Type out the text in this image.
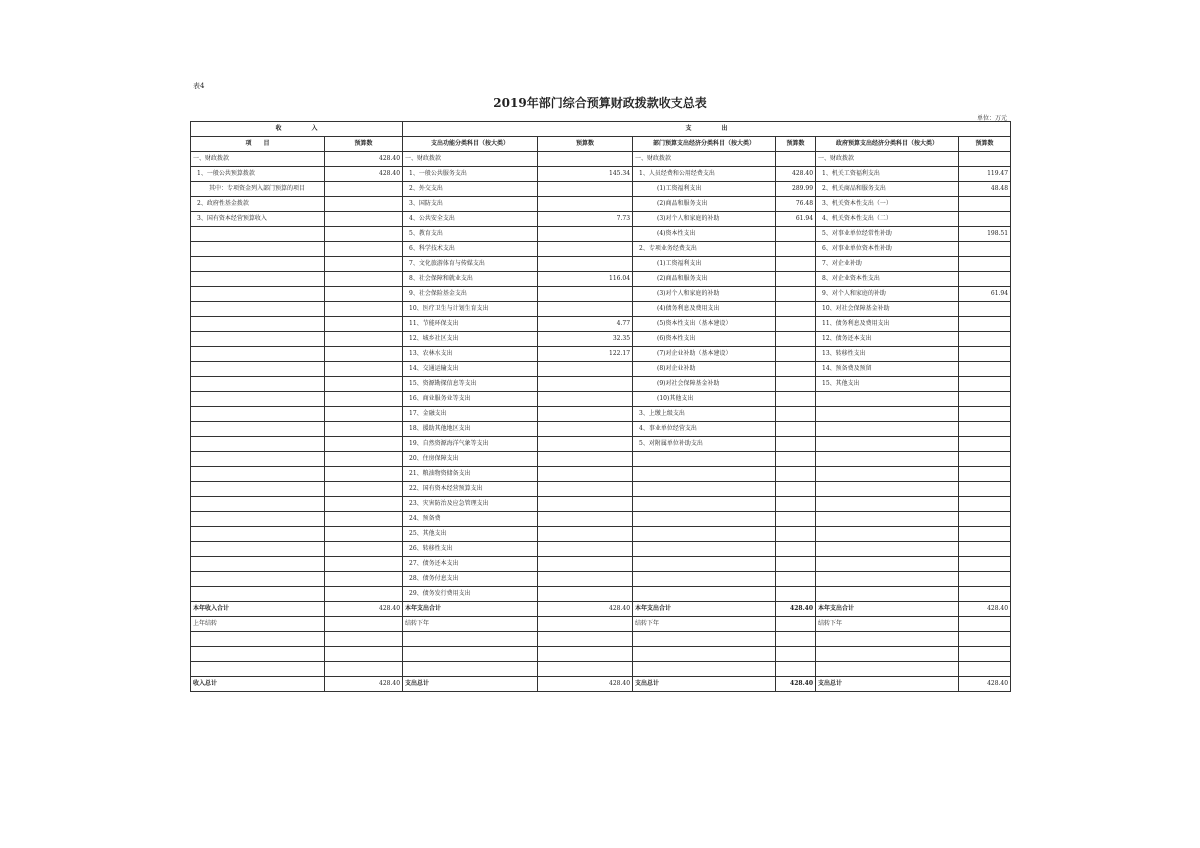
表4
2019年部门综合预算财政拨款收支总表
单位：万元
收　　　　　入		支　　　　　出					
项　　目	预算数	支出功能分类科目（按大类）	预算数	部门预算支出经济分类科目（按大类）	预算数	政府预算支出经济分类科目（按大类）	预算数
一、财政拨款	428.40	一、财政拨款		一、财政拨款		一、财政拨款	
1、一般公共预算拨款	428.40	1、一般公共服务支出	145.34	1、人员经费和公用经费支出	428.40	1、机关工资福利支出	119.47
其中：专项资金列入部门预算的项目		2、外交支出		(1)工资福利支出	289.99	2、机关商品和服务支出	48.48
2、政府性基金拨款		3、国防支出		(2)商品和服务支出	76.48	3、机关资本性支出（一）	
3、国有资本经营预算收入		4、公共安全支出	7.73	(3)对个人和家庭的补助	61.94	4、机关资本性支出（二）	
		5、教育支出		(4)资本性支出		5、对事业单位经常性补助	198.51
		6、科学技术支出		2、专项业务经费支出		6、对事业单位资本性补助	
		7、文化旅游体育与传媒支出		(1)工资福利支出		7、对企业补助	
		8、社会保障和就业支出	116.04	(2)商品和服务支出		8、对企业资本性支出	
		9、社会保险基金支出		(3)对个人和家庭的补助		9、对个人和家庭的补助	61.94
		10、医疗卫生与计划生育支出		(4)债务利息及费用支出		10、对社会保障基金补助	
		11、节能环保支出	4.77	(5)资本性支出（基本建设）		11、债务利息及费用支出	
		12、城乡社区支出	32.35	(6)资本性支出		12、债务还本支出	
		13、农林水支出	122.17	(7)对企业补助（基本建设）		13、转移性支出	
		14、交通运输支出		(8)对企业补助		14、预备费及预留	
		15、资源勘探信息等支出		(9)对社会保障基金补助		15、其他支出	
		16、商业服务业等支出		(10)其他支出			
		17、金融支出		3、上缴上级支出			
		18、援助其他地区支出		4、事业单位经营支出			
		19、自然资源海洋气象等支出		5、对附属单位补助支出			
		20、住房保障支出					
		21、粮油物资储备支出					
		22、国有资本经营预算支出					
		23、灾害防治及应急管理支出					
		24、预备费					
		25、其他支出					
		26、转移性支出					
		27、债务还本支出					
		28、债务付息支出					
		29、债务发行费用支出					
本年收入合计	428.40	本年支出合计	428.40	本年支出合计	428.40	本年支出合计	428.40
上年结转		结转下年		结转下年		结转下年	

收入总计	428.40	支出总计	428.40	支出总计	428.40	支出总计	428.40
